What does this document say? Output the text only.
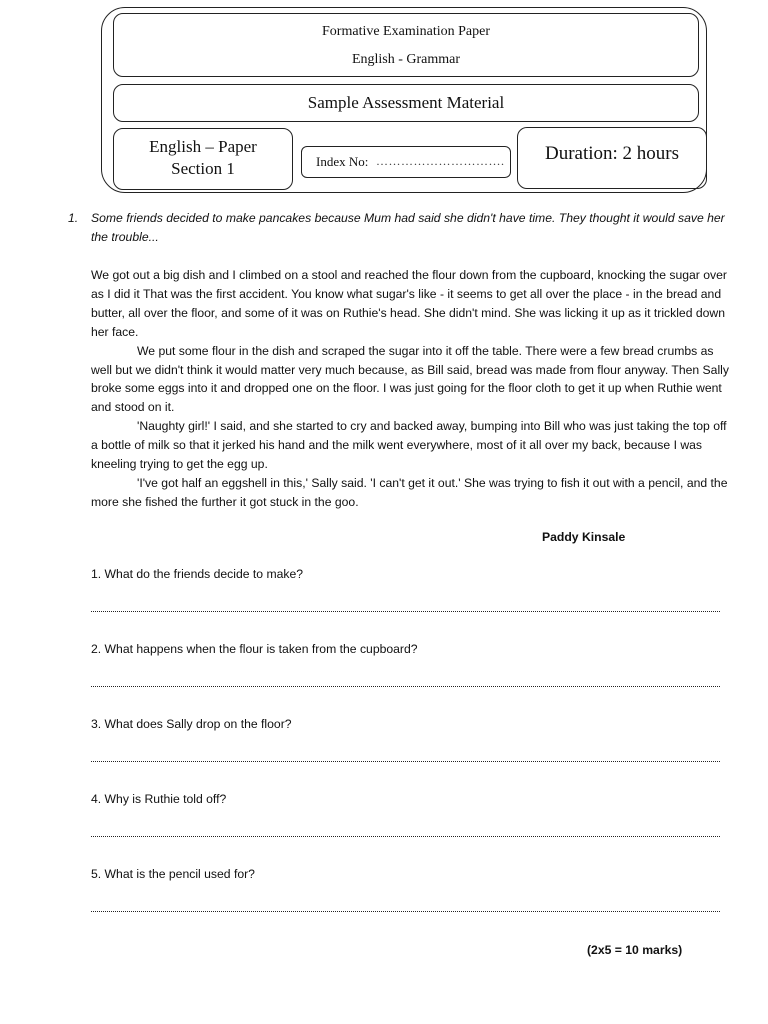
Formative Examination Paper
English - Grammar
Sample Assessment Material
English – Paper
Section 1	Index No: ………………………….	Duration: 2 hours
1. Some friends decided to make pancakes because Mum had said she didn't have time. They thought it would save her the trouble...

We got out a big dish and I climbed on a stool and reached the flour down from the cupboard, knocking the sugar over as I did it That was the first accident. You know what sugar's like - it seems to get all over the place - in the bread and butter, all over the floor, and some of it was on Ruthie's head. She didn't mind. She was licking it up as it trickled down her face.

We put some flour in the dish and scraped the sugar into it off the table. There were a few bread crumbs as well but we didn't think it would matter very much because, as Bill said, bread was made from flour anyway. Then Sally broke some eggs into it and dropped one on the floor. I was just going for the floor cloth to get it up when Ruthie went and stood on it.

'Naughty girl!' I said, and she started to cry and backed away, bumping into Bill who was just taking the top off a bottle of milk so that it jerked his hand and the milk went everywhere, most of it all over my back, because I was kneeling trying to get the egg up.

'I've got half an eggshell in this,' Sally said. 'I can't get it out.' She was trying to fish it out with a pencil, and the more she fished the further it got stuck in the goo.

Paddy Kinsale
1. What do the friends decide to make?
2. What happens when the flour is taken from the cupboard?
3. What does Sally drop on the floor?
4. Why is Ruthie told off?
5. What is the pencil used for?
(2x5 = 10 marks)
